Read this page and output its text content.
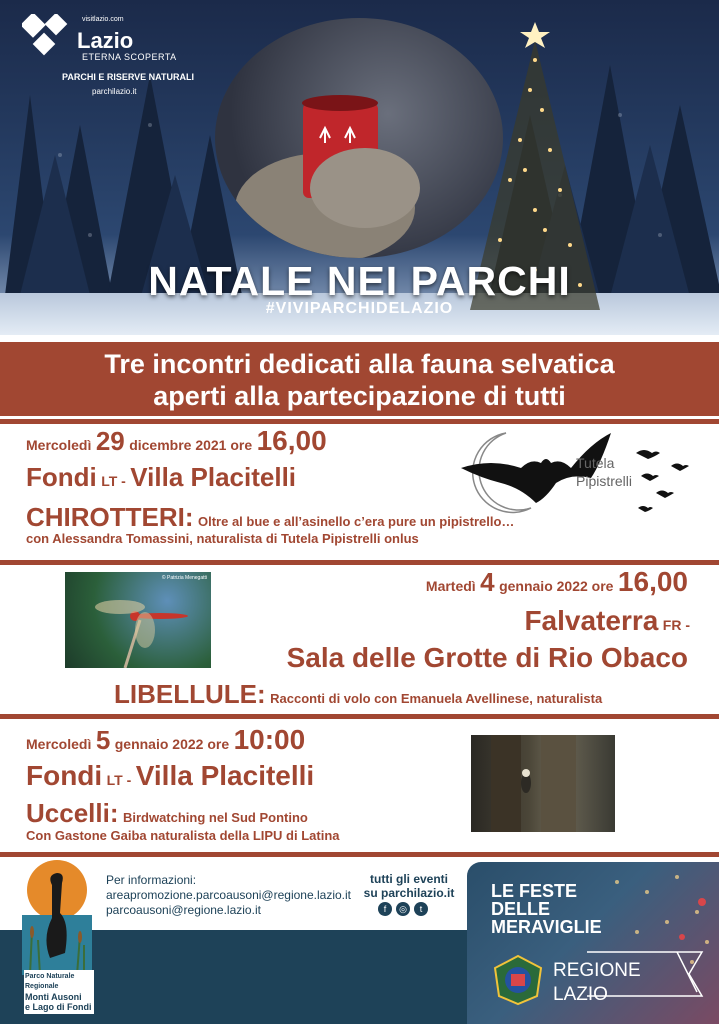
visitlazio.com
Lazio
ETERNA SCOPERTA
PARCHI E RISERVE NATURALI
parchilazio.it
NATALE NEI PARCHI
#VIVIPARCHIDELAZIO
Tre incontri dedicati alla fauna selvatica
aperti alla partecipazione di tutti
Mercoledì 29 dicembre 2021 ore 16,00
Fondi LT - Villa Placitelli
CHIROTTERI: Oltre al bue e all’asinello c’era pure un pipistrello…
con Alessandra Tomassini, naturalista di Tutela Pipistrelli onlus
Tutela
Pipistrelli
© Patrizia Menegatti	Martedì 4 gennaio 2022 ore 16,00
Falvaterra FR -
Sala delle Grotte di Rio Obaco
LIBELLULE: Racconti di volo con Emanuela Avellinese, naturalista
Mercoledì 5 gennaio 2022 ore 10:00
Fondi LT - Villa Placitelli
Uccelli: Birdwatching nel Sud Pontino
Con Gastone Gaiba naturalista della LIPU di Latina
Parco Naturale Regionale
Monti Ausoni
e Lago di Fondi
Per informazioni:
areapromozione.parcoausoni@regione.lazio.it
parcoausoni@regione.lazio.it
tutti gli eventi
su parchilazio.it
f	◎	t
LE FESTE
DELLE
MERAVIGLIE
REGIONE
LAZIO
